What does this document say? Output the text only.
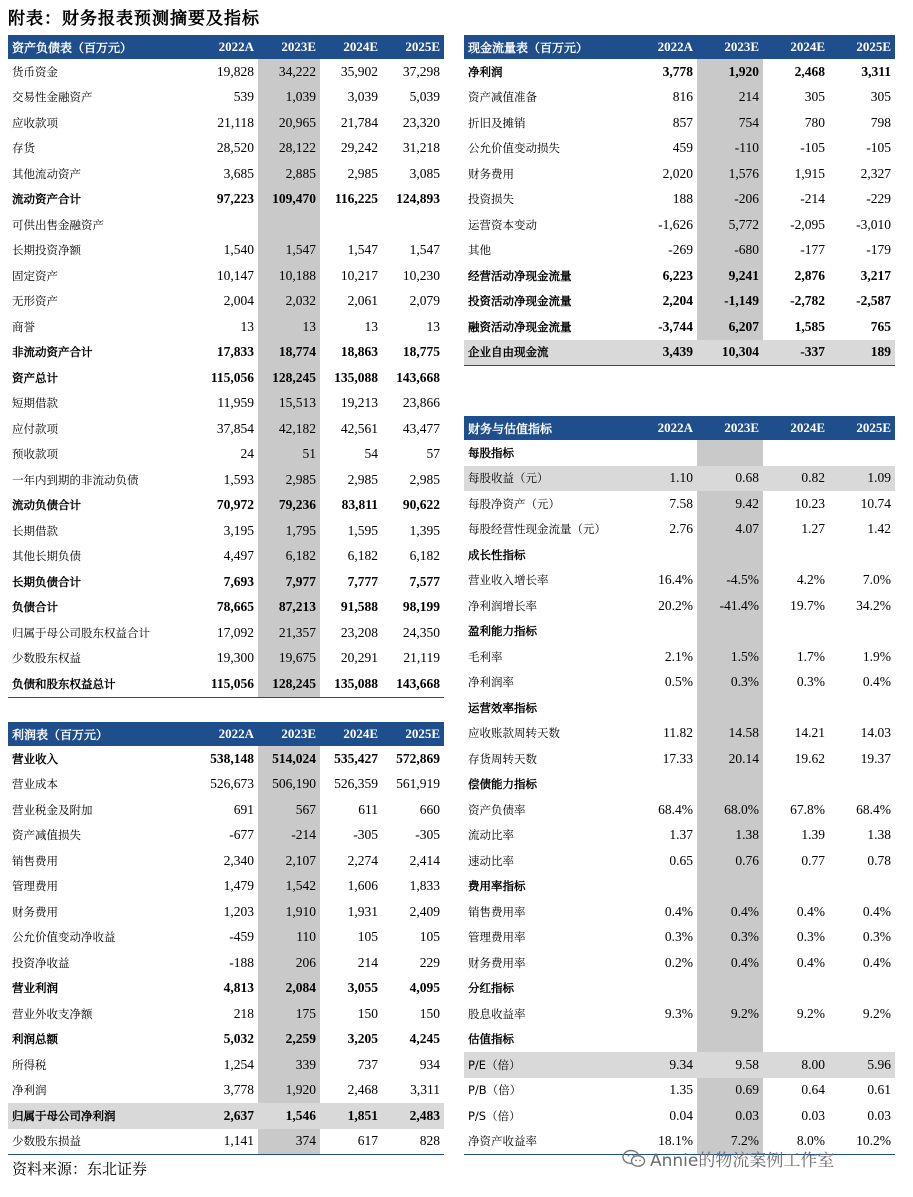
附表：财务报表预测摘要及指标
资产负债表（百万元）	2022A	2023E	2024E	2025E
货币资金	19,828	34,222	35,902	37,298
交易性金融资产	539	1,039	3,039	5,039
应收款项	21,118	20,965	21,784	23,320
存货	28,520	28,122	29,242	31,218
其他流动资产	3,685	2,885	2,985	3,085
流动资产合计	97,223	109,470	116,225	124,893
可供出售金融资产				
长期投资净额	1,540	1,547	1,547	1,547
固定资产	10,147	10,188	10,217	10,230
无形资产	2,004	2,032	2,061	2,079
商誉	13	13	13	13
非流动资产合计	17,833	18,774	18,863	18,775
资产总计	115,056	128,245	135,088	143,668
短期借款	11,959	15,513	19,213	23,866
应付款项	37,854	42,182	42,561	43,477
预收款项	24	51	54	57
一年内到期的非流动负债	1,593	2,985	2,985	2,985
流动负债合计	70,972	79,236	83,811	90,622
长期借款	3,195	1,795	1,595	1,395
其他长期负债	4,497	6,182	6,182	6,182
长期负债合计	7,693	7,977	7,777	7,577
负债合计	78,665	87,213	91,588	98,199
归属于母公司股东权益合计	17,092	21,357	23,208	24,350
少数股东权益	19,300	19,675	20,291	21,119
负债和股东权益总计	115,056	128,245	135,088	143,668
利润表（百万元）	2022A	2023E	2024E	2025E
营业收入	538,148	514,024	535,427	572,869
营业成本	526,673	506,190	526,359	561,919
营业税金及附加	691	567	611	660
资产减值损失	-677	-214	-305	-305
销售费用	2,340	2,107	2,274	2,414
管理费用	1,479	1,542	1,606	1,833
财务费用	1,203	1,910	1,931	2,409
公允价值变动净收益	-459	110	105	105
投资净收益	-188	206	214	229
营业利润	4,813	2,084	3,055	4,095
营业外收支净额	218	175	150	150
利润总额	5,032	2,259	3,205	4,245
所得税	1,254	339	737	934
净利润	3,778	1,920	2,468	3,311
归属于母公司净利润	2,637	1,546	1,851	2,483
少数股东损益	1,141	374	617	828
现金流量表（百万元）	2022A	2023E	2024E	2025E
净利润	3,778	1,920	2,468	3,311
资产减值准备	816	214	305	305
折旧及摊销	857	754	780	798
公允价值变动损失	459	-110	-105	-105
财务费用	2,020	1,576	1,915	2,327
投资损失	188	-206	-214	-229
运营资本变动	-1,626	5,772	-2,095	-3,010
其他	-269	-680	-177	-179
经营活动净现金流量	6,223	9,241	2,876	3,217
投资活动净现金流量	2,204	-1,149	-2,782	-2,587
融资活动净现金流量	-3,744	6,207	1,585	765
企业自由现金流	3,439	10,304	-337	189
财务与估值指标	2022A	2023E	2024E	2025E
每股指标				
每股收益（元）	1.10	0.68	0.82	1.09
每股净资产（元）	7.58	9.42	10.23	10.74
每股经营性现金流量（元）	2.76	4.07	1.27	1.42
成长性指标				
营业收入增长率	16.4%	-4.5%	4.2%	7.0%
净利润增长率	20.2%	-41.4%	19.7%	34.2%
盈利能力指标				
毛利率	2.1%	1.5%	1.7%	1.9%
净利润率	0.5%	0.3%	0.3%	0.4%
运营效率指标				
应收账款周转天数	11.82	14.58	14.21	14.03
存货周转天数	17.33	20.14	19.62	19.37
偿债能力指标				
资产负债率	68.4%	68.0%	67.8%	68.4%
流动比率	1.37	1.38	1.39	1.38
速动比率	0.65	0.76	0.77	0.78
费用率指标				
销售费用率	0.4%	0.4%	0.4%	0.4%
管理费用率	0.3%	0.3%	0.3%	0.3%
财务费用率	0.2%	0.4%	0.4%	0.4%
分红指标				
股息收益率	9.3%	9.2%	9.2%	9.2%
估值指标				
P/E（倍）	9.34	9.58	8.00	5.96
P/B（倍）	1.35	0.69	0.64	0.61
P/S（倍）	0.04	0.03	0.03	0.03
净资产收益率	18.1%	7.2%	8.0%	10.2%
资料来源：东北证券	Annie的物流案例工作室
